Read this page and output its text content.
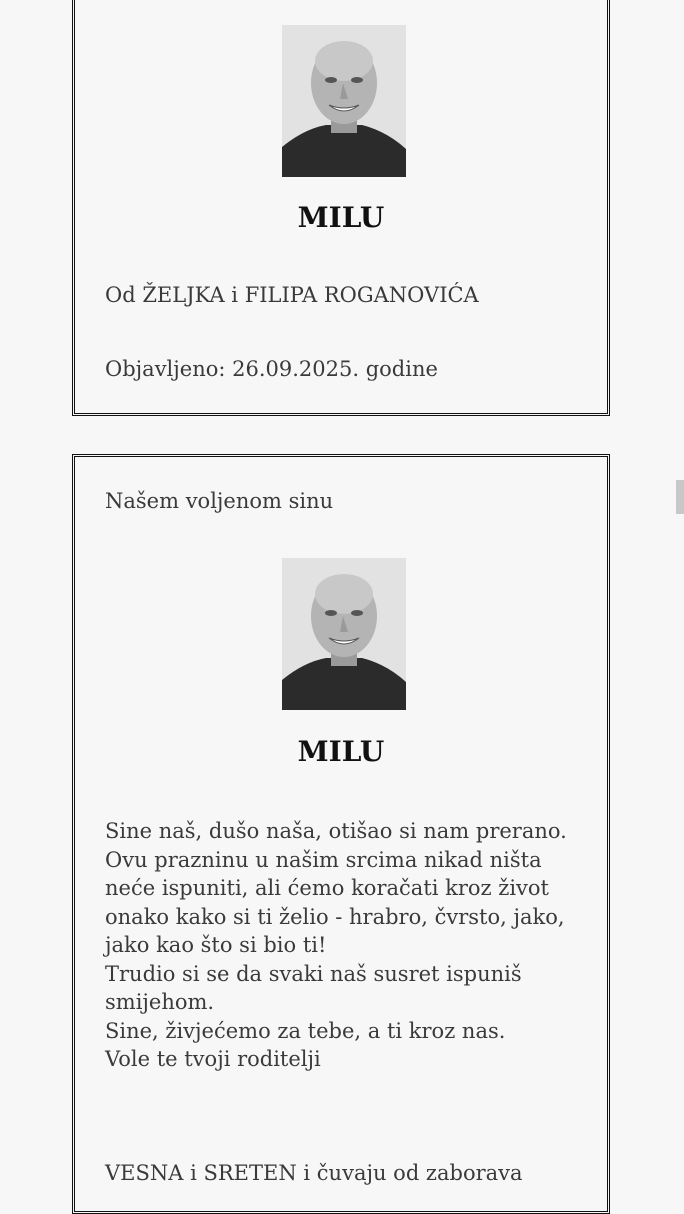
MILU

Od ŽELJKA i FILIPA ROGANOVIĆA

Objavljeno: 26.09.2025. godine

Našem voljenom sinu

MILU

Sine naš, dušo naša, otišao si nam prerano.
Ovu prazninu u našim srcima nikad ništa
neće ispuniti, ali ćemo koračati kroz život
onako kako si ti želio - hrabro, čvrsto, jako,
jako kao što si bio ti!
Trudio si se da svaki naš susret ispuniš
smijehom.
Sine, živjećemo za tebe, a ti kroz nas.
Vole te tvoji roditelji

VESNA i SRETEN i čuvaju od zaborava
